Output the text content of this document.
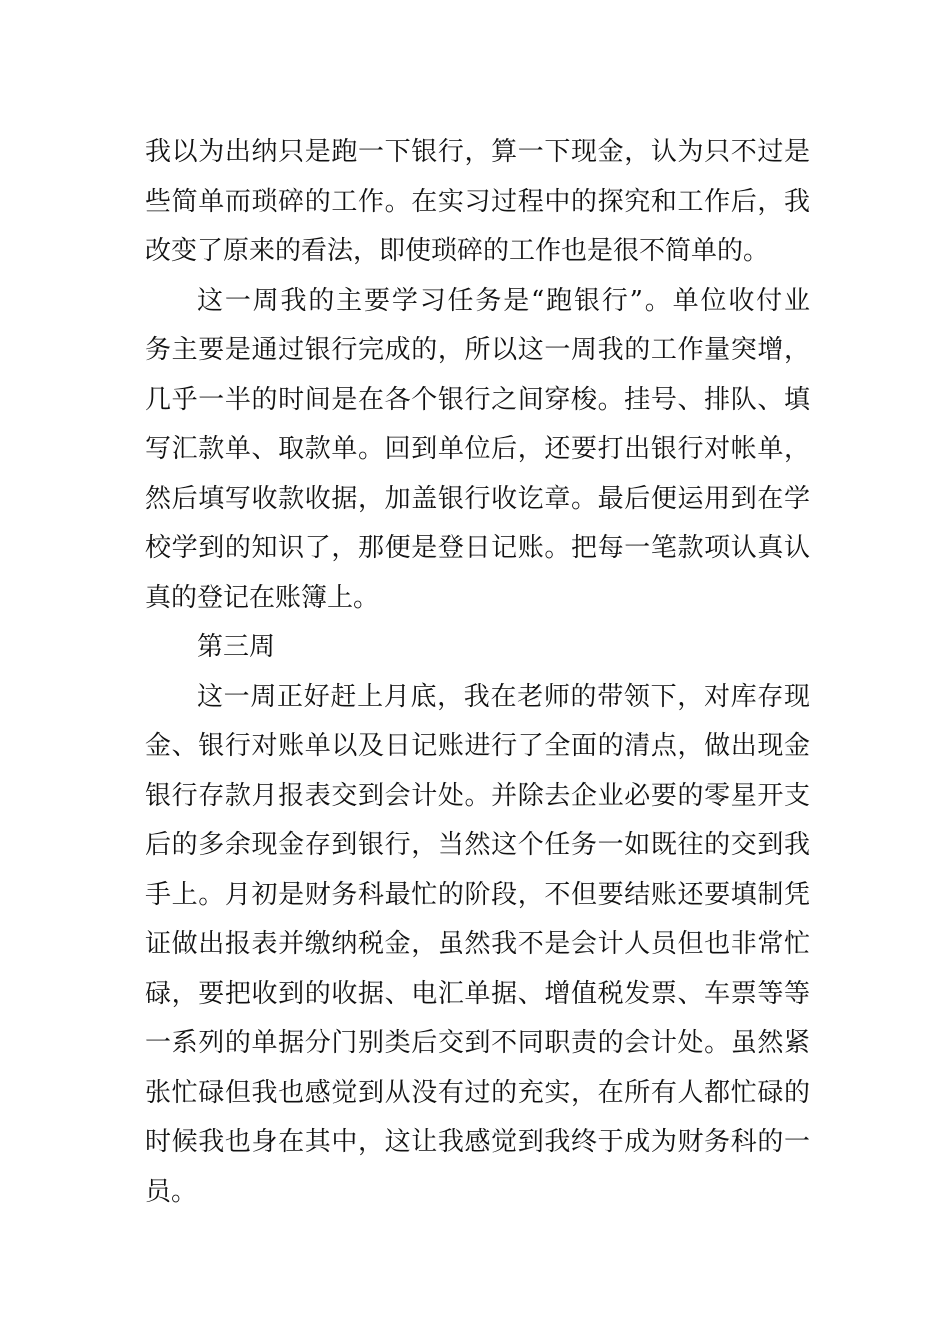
我以为出纳只是跑一下银行，算一下现金，认为只不过是
些简单而琐碎的工作。在实习过程中的探究和工作后，我
改变了原来的看法，即使琐碎的工作也是很不简单的。

这一周我的主要学习任务是“跑银行”。单位收付业
务主要是通过银行完成的，所以这一周我的工作量突增，
几乎一半的时间是在各个银行之间穿梭。挂号、排队、填
写汇款单、取款单。回到单位后，还要打出银行对帐单，
然后填写收款收据，加盖银行收讫章。最后便运用到在学
校学到的知识了，那便是登日记账。把每一笔款项认真认
真的登记在账簿上。

第三周

这一周正好赶上月底，我在老师的带领下，对库存现
金、银行对账单以及日记账进行了全面的清点，做出现金
银行存款月报表交到会计处。并除去企业必要的零星开支
后的多余现金存到银行，当然这个任务一如既往的交到我
手上。月初是财务科最忙的阶段，不但要结账还要填制凭
证做出报表并缴纳税金，虽然我不是会计人员但也非常忙
碌，要把收到的收据、电汇单据、增值税发票、车票等等
一系列的单据分门别类后交到不同职责的会计处。虽然紧
张忙碌但我也感觉到从没有过的充实，在所有人都忙碌的
时候我也身在其中，这让我感觉到我终于成为财务科的一
员。
